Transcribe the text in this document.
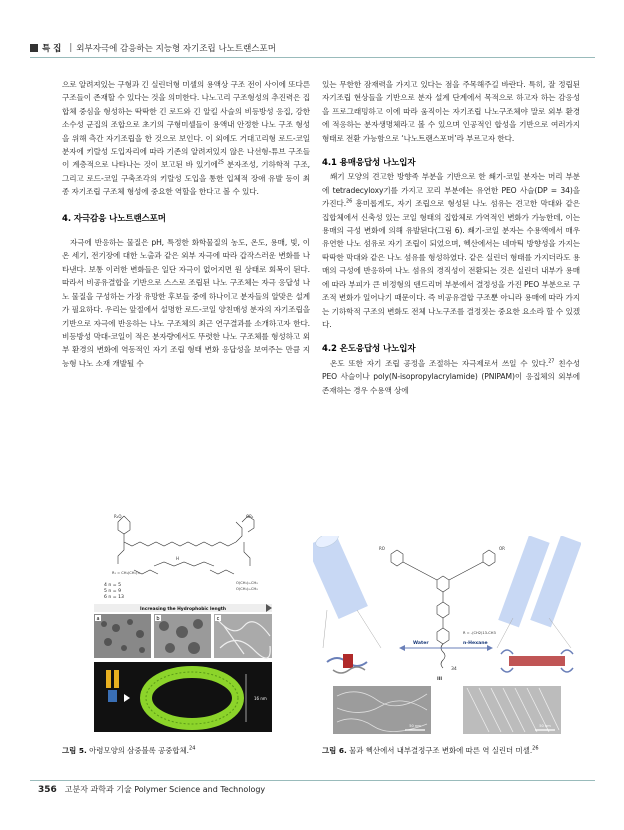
특 집 | 외부자극에 감응하는 지능형 자기조립 나노트랜스포머

으로 알려져있는 구형과 긴 실린더형 미셀의 용액상 구조 전이 사이에 또다른 구조들이 존재할 수 있다는 것을 의미한다. 나노고리 구조형성의 추진력은 집합체 중심을 형성하는 딱딱한 긴 로드와 긴 알킬 사슬의 비등방성 응집, 강한 소수성 군집의 조합으로 초기의 구형미셀들이 용액내 안정한 나노 구조 형성을 위해 측간 자기조립을 한 것으로 보인다. 이 외에도 거대고리형 로드-코일 분자에 키랄성 도입자리에 따라 기존의 알려져있지 않은 나선형-튜브 구조들이 계층적으로 나타나는 것이 보고된 바 있기에$^{25}$ 분자조성, 기하학적 구조, 그리고 로드-코일 구축조각의 키랄성 도입을 통한 입체적 장애 유발 등이 최종 자기조립 구조체 형성에 중요한 역할을 한다고 볼 수 있다.

4. 자극감응 나노트랜스포머

자극에 반응하는 물질은 pH, 특정한 화학물질의 농도, 온도, 용매, 빛, 이온 세기, 전기장에 대한 노출과 같은 외부 자극에 따라 갑작스러운 변화를 나타낸다. 보통 이러한 변화들은 일단 자극이 없어지면 원 상태로 회복이 된다. 따라서 비공유결합을 기반으로 스스로 조립된 나노 구조체는 자극 응답성 나노 물질을 구성하는 가장 유망한 후보들 중에 하나이고 분자들의 알맞은 설계가 필요하다. 우리는 앞절에서 설명한 로드-코일 양친매성 분자의 자기조립을 기반으로 자극에 반응하는 나노 구조체의 최근 연구결과를 소개하고자 한다. 비등방성 막대-코일이 적은 분자량에서도 뚜렷한 나노 구조체를 형성하고 외부 환경의 변화에 역동적인 자기 조립 형태 변화 응답성을 보여주는 만큼 지능형 나노 소재 개발될 수

있는 무한한 잠재력을 가지고 있다는 점을 주목해주길 바란다. 특히, 잘 정립된 자기조립 현상들을 기반으로 분자 설계 단계에서 목적으로 하고자 하는 감응성을 프로그래밍하고 이에 따라 움직이는 자기조립 나노구조체야 말로 외부 환경에 적응하는 분자생명체라고 볼 수 있으며 인공적인 합성을 기반으로 여러가지 형태로 전환 가능함으로 ‘나노트랜스포머’라 부르고자 한다.

4.1 용매응답성 나노입자

쐐기 모양의 견고한 방향족 부분을 기반으로 한 쐐기-코일 분자는 머리 부분에 tetradecyloxy기를 가지고 꼬리 부분에는 유연한 PEO 사슬(DP = 34)을 가진다.$^{26}$ 흥미롭게도, 자기 조립으로 형성된 나노 섬유는 견고한 막대와 같은 집합체에서 신축성 있는 코일 형태의 집합체로 가역적인 변화가 가능한데, 이는 용매의 극성 변화에 의해 유발된다(그림 6). 쐐기-코일 분자는 수용액에서 매우 유연한 나노 섬유로 자기 조립이 되었으며, 헥산에서는 네마틱 방향성을 가지는 딱딱한 막대와 같은 나노 섬유를 형성하였다. 같은 실린더 형태를 가지더라도 용매의 극성에 반응하여 나노 섬유의 경직성이 전환되는 것은 실린더 내부가 용매에 따라 부피가 큰 비정형의 덴드리머 부분에서 결정성을 가진 PEO 부분으로 구조적 변화가 일어나기 때문이다. 즉 비공유결합 구조뿐 아니라 용매에 따라 가지는 기하학적 구조의 변화도 전체 나노구조를 결정짓는 중요한 요소라 할 수 있겠다.

4.2 온도응답성 나노입자

온도 또한 자기 조립 공정을 조절하는 자극제로서 쓰일 수 있다.$^{27}$ 친수성 PEO 사슬이나 poly(N-isopropylacrylamide) (PNIPAM)이 응집체의 외부에 존재하는 경우 수용액 상에

R₁O	OR₁
H
R₁ = CH₃(CH₂)₁₁
O(CH₂)₃-CH₃
O(CH₂)₃-CH₃
4 n = 5
5 n = 9
6 n = 13
Increasing the Hydrophobic length
a	b	c
16 nm
그림 5. 아령모양의 삼중블록 공중합체.$^{24}$
RO	OR
34
III
R = -(CH2)13-CH3
Water	n-Hexane
50 nm	50 nm
그림 6. 물과 헥산에서 내부결정구조 변화에 따른 역 실린더 미셀.$^{26}$
356 고분자 과학과 기술 Polymer Science and Technology
